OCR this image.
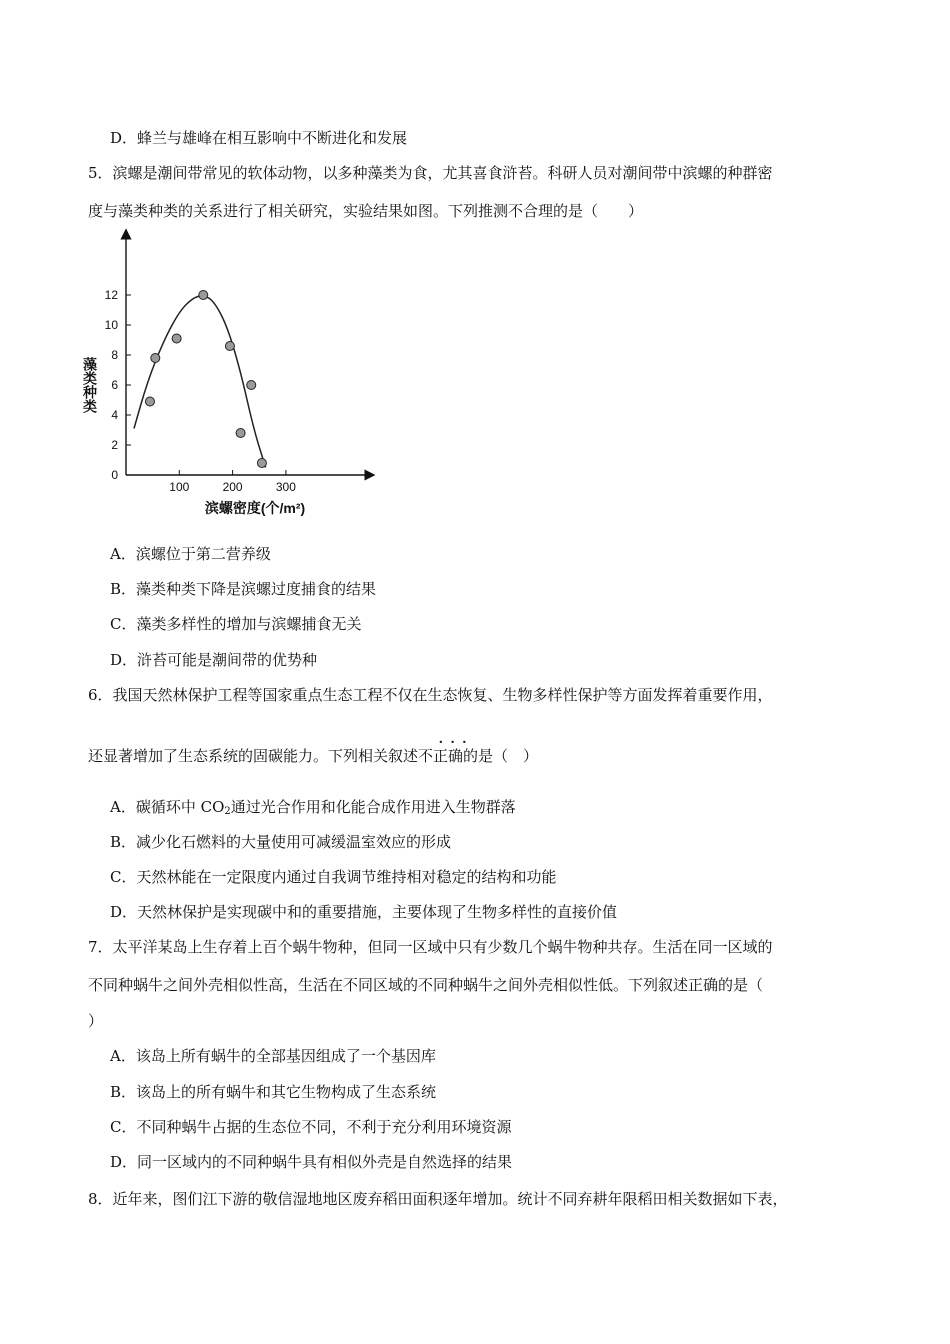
D．蜂兰与雄峰在相互影响中不断进化和发展
5．滨螺是潮间带常见的软体动物，以多种藻类为食，尤其喜食浒苔。科研人员对潮间带中滨螺的种群密
度与藻类种类的关系进行了相关研究，实验结果如图。下列推测不合理的是（　　）
0
2
4
6
8
10
12
100	200	300
滨螺密度(个/m²)
藻类种类
A．滨螺位于第二营养级
B．藻类种类下降是滨螺过度捕食的结果
C．藻类多样性的增加与滨螺捕食无关
D．浒苔可能是潮间带的优势种
6．我国天然林保护工程等国家重点生态工程不仅在生态恢复、生物多样性保护等方面发挥着重要作用，
···
还显著增加了生态系统的固碳能力。下列相关叙述不正确的是（　）
A．碳循环中 $CO_2$通过光合作用和化能合成作用进入生物群落
B．减少化石燃料的大量使用可减缓温室效应的形成
C．天然林能在一定限度内通过自我调节维持相对稳定的结构和功能
D．天然林保护是实现碳中和的重要措施，主要体现了生物多样性的直接价值
7．太平洋某岛上生存着上百个蜗牛物种，但同一区域中只有少数几个蜗牛物种共存。生活在同一区域的
不同种蜗牛之间外壳相似性高，生活在不同区域的不同种蜗牛之间外壳相似性低。下列叙述正确的是（
）
A．该岛上所有蜗牛的全部基因组成了一个基因库
B．该岛上的所有蜗牛和其它生物构成了生态系统
C．不同种蜗牛占据的生态位不同，不利于充分利用环境资源
D．同一区域内的不同种蜗牛具有相似外壳是自然选择的结果
8．近年来，图们江下游的敬信湿地地区废弃稻田面积逐年增加。统计不同弃耕年限稻田相关数据如下表，
